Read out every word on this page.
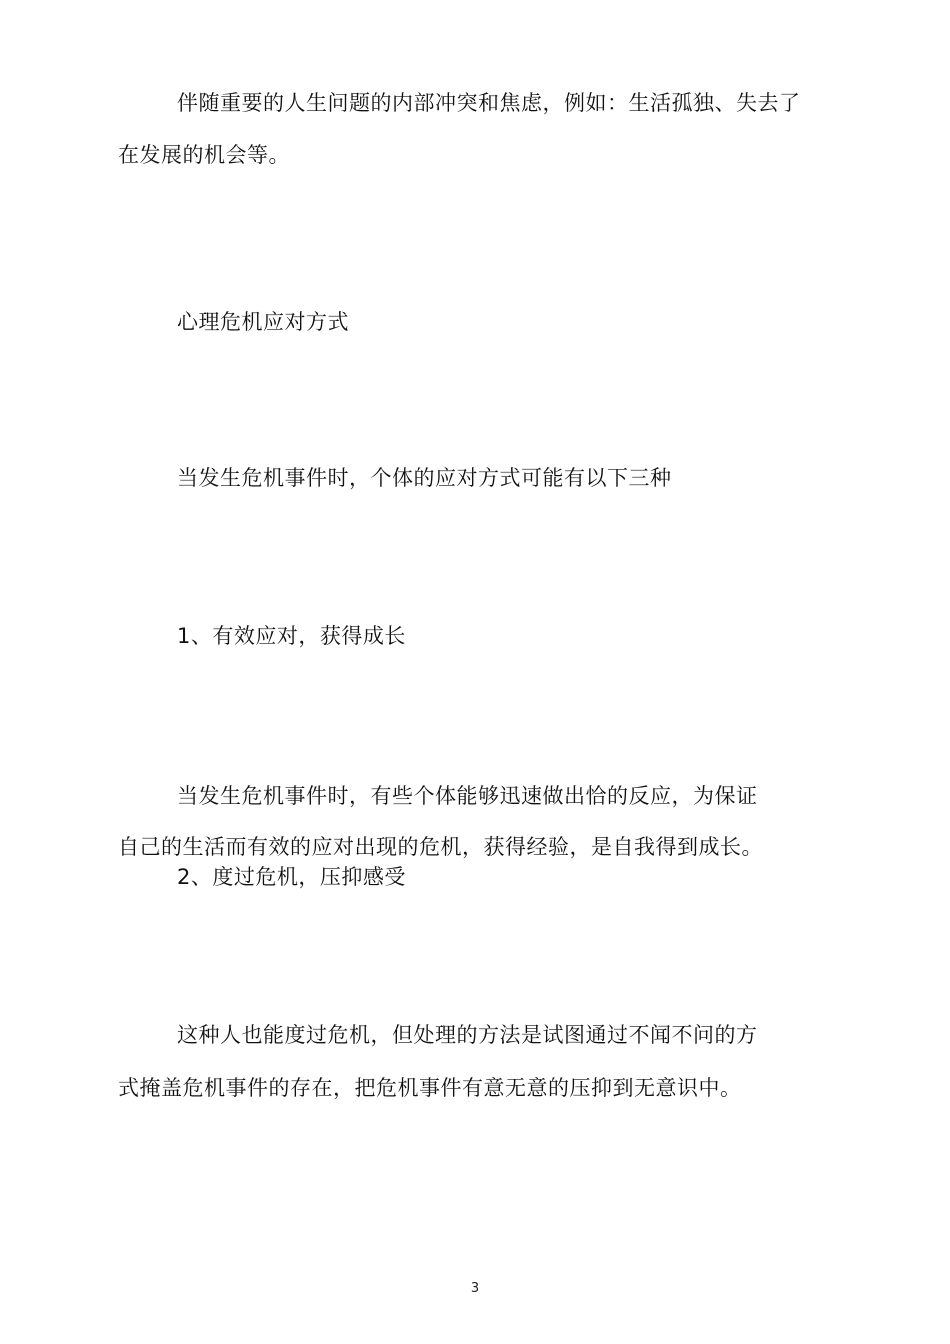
伴随重要的人生问题的内部冲突和焦虑，例如：生活孤独、失去了
在发展的机会等。
心理危机应对方式
当发生危机事件时，个体的应对方式可能有以下三种
1、有效应对，获得成长
当发生危机事件时，有些个体能够迅速做出恰的反应，为保证
自己的生活而有效的应对出现的危机，获得经验，是自我得到成长。
2、度过危机，压抑感受
这种人也能度过危机，但处理的方法是试图通过不闻不问的方
式掩盖危机事件的存在，把危机事件有意无意的压抑到无意识中。
3
